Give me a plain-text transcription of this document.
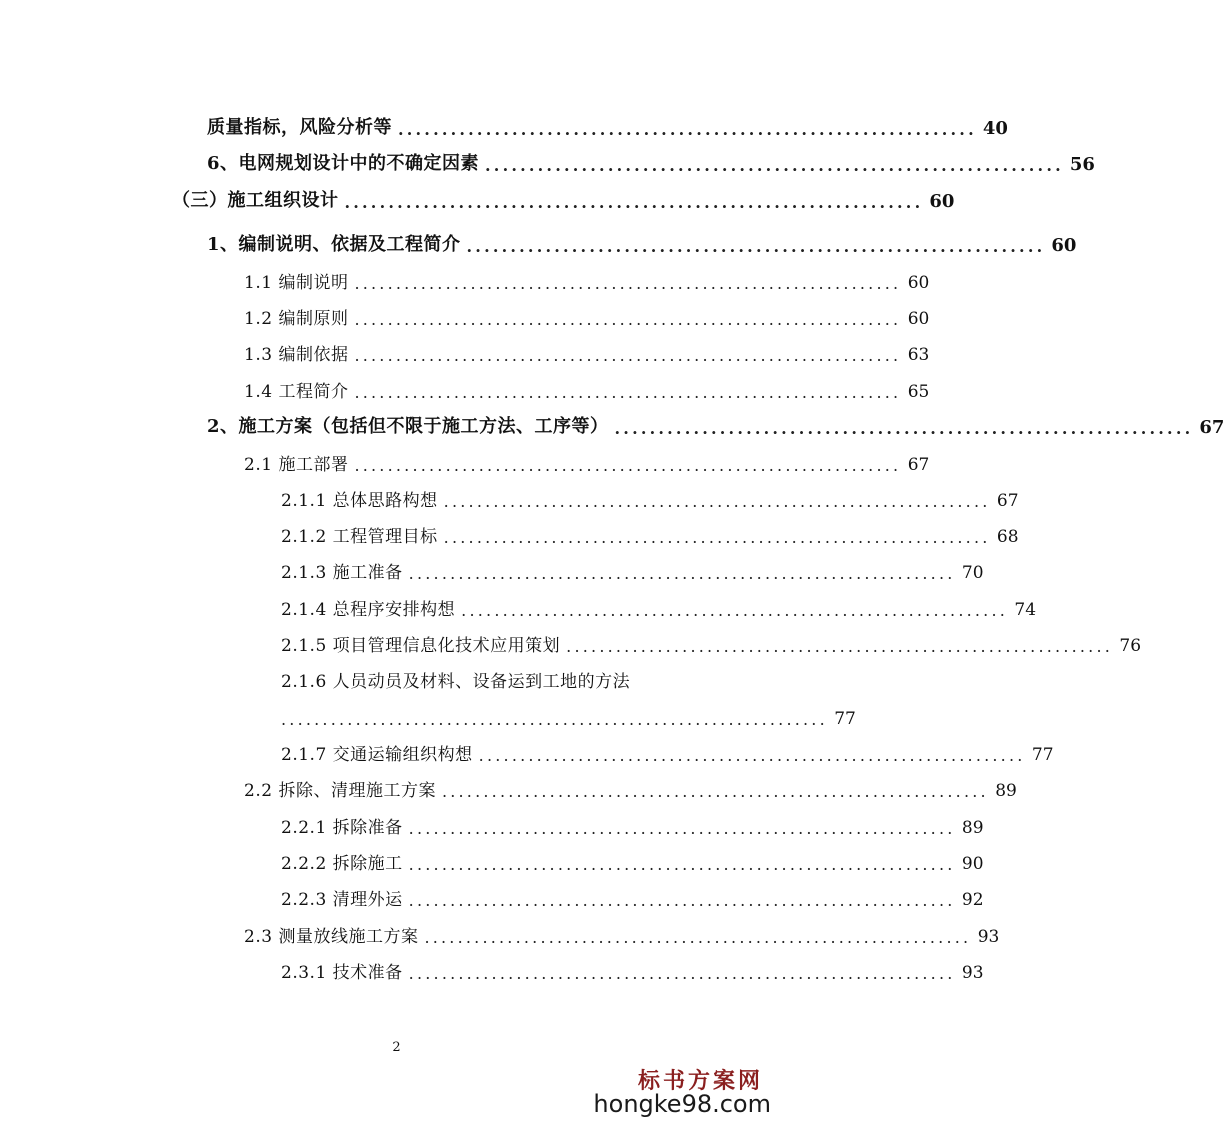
质量指标，风险分析等 .................................................................. 40
6、电网规划设计中的不确定因素 .................................................................. 56
（三）施工组织设计 .................................................................. 60
1、编制说明、依据及工程简介 .................................................................. 60
1.1 编制说明 .................................................................. 60
1.2 编制原则 .................................................................. 60
1.3 编制依据 .................................................................. 63
1.4 工程简介 .................................................................. 65
2、施工方案（包括但不限于施工方法、工序等） .................................................................. 67
2.1 施工部署 .................................................................. 67
2.1.1 总体思路构想 .................................................................. 67
2.1.2 工程管理目标 .................................................................. 68
2.1.3 施工准备 .................................................................. 70
2.1.4 总程序安排构想 .................................................................. 74
2.1.5 项目管理信息化技术应用策划 .................................................................. 76
2.1.6 人员动员及材料、设备运到工地的方法
.................................................................. 77
2.1.7 交通运输组织构想 .................................................................. 77
2.2 拆除、清理施工方案 .................................................................. 89
2.2.1 拆除准备 .................................................................. 89
2.2.2 拆除施工 .................................................................. 90
2.2.3 清理外运 .................................................................. 92
2.3 测量放线施工方案 .................................................................. 93
2.3.1 技术准备 .................................................................. 93
2
标书方案网
hongke98.com
